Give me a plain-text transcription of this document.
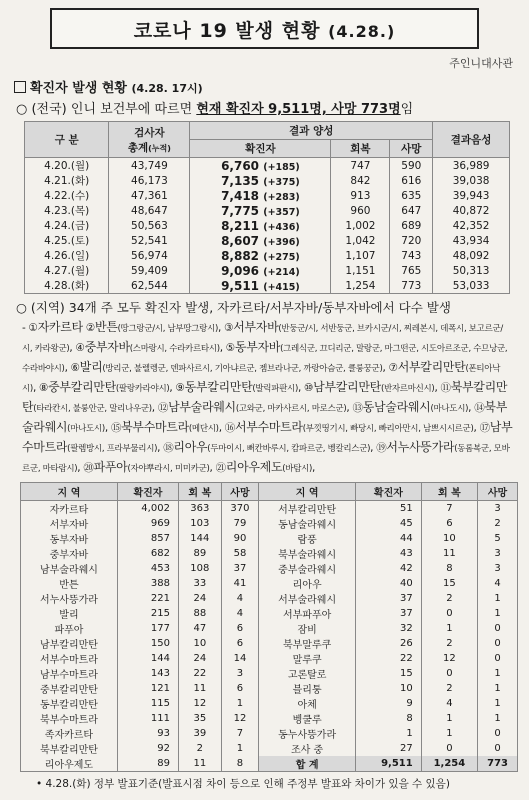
코로나 19 발생 현황 (4.28.)
주인니대사관
확진자 발생 현황 (4.28. 17시)
○ (전국) 인니 보건부에 따르면 현재 확진자 9,511명, 사망 773명임
구 분	검사자
총계(누적)	결과 양성			결과음성
		확진자	회복	사망	
4.20.(월)	43,749	6,760 (+185)	747	590	36,989
4.21.(화)	46,173	7,135 (+375)	842	616	39,038
4.22.(수)	47,361	7,418 (+283)	913	635	39,943
4.23.(목)	48,647	7,775 (+357)	960	647	40,872
4.24.(금)	50,563	8,211 (+436)	1,002	689	42,352
4.25.(토)	52,541	8,607 (+396)	1,042	720	43,934
4.26.(일)	56,974	8,882 (+275)	1,107	743	48,092
4.27.(월)	59,409	9,096 (+214)	1,151	765	50,313
4.28.(화)	62,544	9,511 (+415)	1,254	773	53,033
○ (지역) 34개 주 모두 확진자 발생, 자카르타/서부자바/동부자바에서 다수 발생
- ①자카르타 ②반튼(땅그랑군/시, 남부땅그랑시), ③서부자바(반둥군/시, 서반둥군, 브카시군/시, 찌레본시, 데폭시, 보고르군/시, 카라왕군), ④중부자바(스마랑시, 수라카르타시), ⑤동부자바(그레식군, 끄디리군, 말랑군, 마그떤군, 시도아르조군, 수므낭군, 수라바야시), ⑥발리(방리군, 불렐렝군, 덴파사르시, 기아냐르군, 젬브라나군, 까랑아슴군, 클룽꿍군), ⑦서부칼리만탄(폰티아낙시), ⑧중부칼리만탄(팔랑카라야시), ⑨동부칼리만탄(발릭파판시), ⑩남부칼리만탄(반자르마신시), ⑪북부칼리만탄(타라칸시, 불룽안군, 말리나우군), ⑫남부술라웨시(고와군, 마카사르시, 마로스군), ⑬동남술라웨시(마나도시), ⑭북부술라웨시(마나도시), ⑮북부수마트라(메단시), ⑯서부수마트라(부낏띵기시, 빠당시, 빠리아만시, 남쁘시시르군), ⑰남부수마트라(팔렘방시, 프라부물리시), ⑱리아우(두마이시, 뻐칸바루시, 캄파르군, 벵칼리스군), ⑲서누사뜽가라(동롬복군, 모바르군, 마타람시), ⑳파푸아(자야뿌라시, 미미카군), ㉑리아우제도(바탐시),
지 역	확진자	회 복	사망	지 역	확진자	회 복	사망
자카르타	4,002	363	370	서부칼리만탄	51	7	3
서부자바	969	103	79	동남술라웨시	45	6	2
동부자바	857	144	90	람풍	44	10	5
중부자바	682	89	58	북부술라웨시	43	11	3
남부술라웨시	453	108	37	중부술라웨시	42	8	3
반튼	388	33	41	리아우	40	15	4
서누사뜽가라	221	24	4	서부술라웨시	37	2	1
발리	215	88	4	서부파푸아	37	0	1
파푸아	177	47	6	잠비	32	1	0
남부칼리만탄	150	10	6	북부말루쿠	26	2	0
서부수마트라	144	24	14	말루쿠	22	12	0
남부수마트라	143	22	3	고론탈로	15	0	1
중부칼리만탄	121	11	6	블리퉁	10	2	1
동부칼리만탄	115	12	1	아체	9	4	1
북부수마트라	111	35	12	벵쿨루	8	1	1
족자카르타	93	39	7	동누사뜽가라	1	1	0
북부칼리만탄	92	2	1	조사 중	27	0	0
리아우제도	89	11	8	합 계	9,511	1,254	773
• 4.28.(화) 정부 발표기준(발표시점 차이 등으로 인해 주정부 발표와 차이가 있을 수 있음)
